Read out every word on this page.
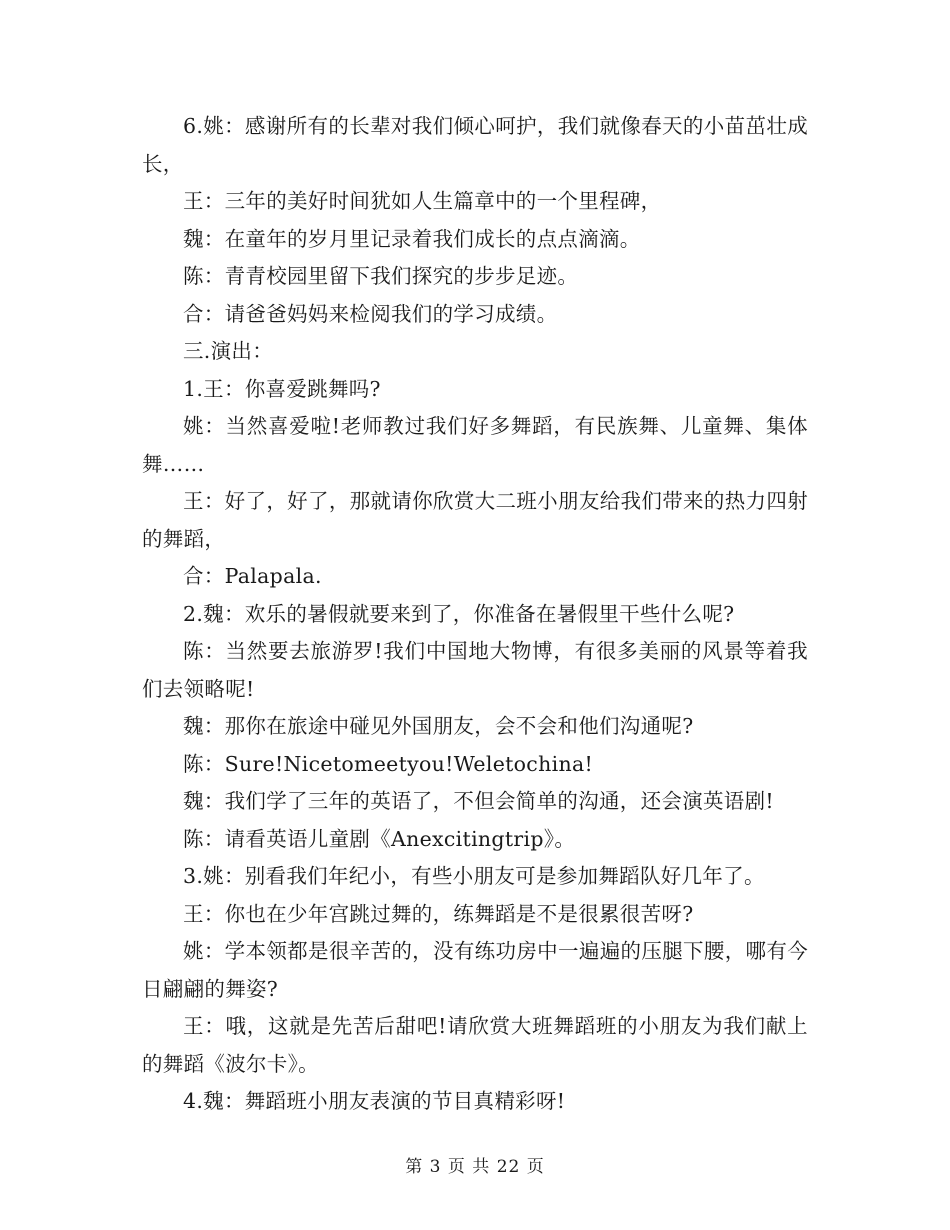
6.姚：感谢所有的长辈对我们倾心呵护，我们就像春天的小苗茁壮成长，

王：三年的美好时间犹如人生篇章中的一个里程碑，

魏：在童年的岁月里记录着我们成长的点点滴滴。

陈：青青校园里留下我们探究的步步足迹。

合：请爸爸妈妈来检阅我们的学习成绩。

三.演出：

1.王：你喜爱跳舞吗?

姚：当然喜爱啦!老师教过我们好多舞蹈，有民族舞、儿童舞、集体舞……

王：好了，好了，那就请你欣赏大二班小朋友给我们带来的热力四射的舞蹈，

合：Palapala.

2.魏：欢乐的暑假就要来到了，你准备在暑假里干些什么呢?

陈：当然要去旅游罗!我们中国地大物博，有很多美丽的风景等着我们去领略呢!

魏：那你在旅途中碰见外国朋友，会不会和他们沟通呢?

陈：Sure!Nicetomeetyou!Weletochina!

魏：我们学了三年的英语了，不但会简单的沟通，还会演英语剧!

陈：请看英语儿童剧《Anexcitingtrip》。

3.姚：别看我们年纪小，有些小朋友可是参加舞蹈队好几年了。

王：你也在少年宫跳过舞的，练舞蹈是不是很累很苦呀?

姚：学本领都是很辛苦的，没有练功房中一遍遍的压腿下腰，哪有今日翩翩的舞姿?

王：哦，这就是先苦后甜吧!请欣赏大班舞蹈班的小朋友为我们献上的舞蹈《波尔卡》。

4.魏：舞蹈班小朋友表演的节目真精彩呀!

第 3 页 共 22 页
